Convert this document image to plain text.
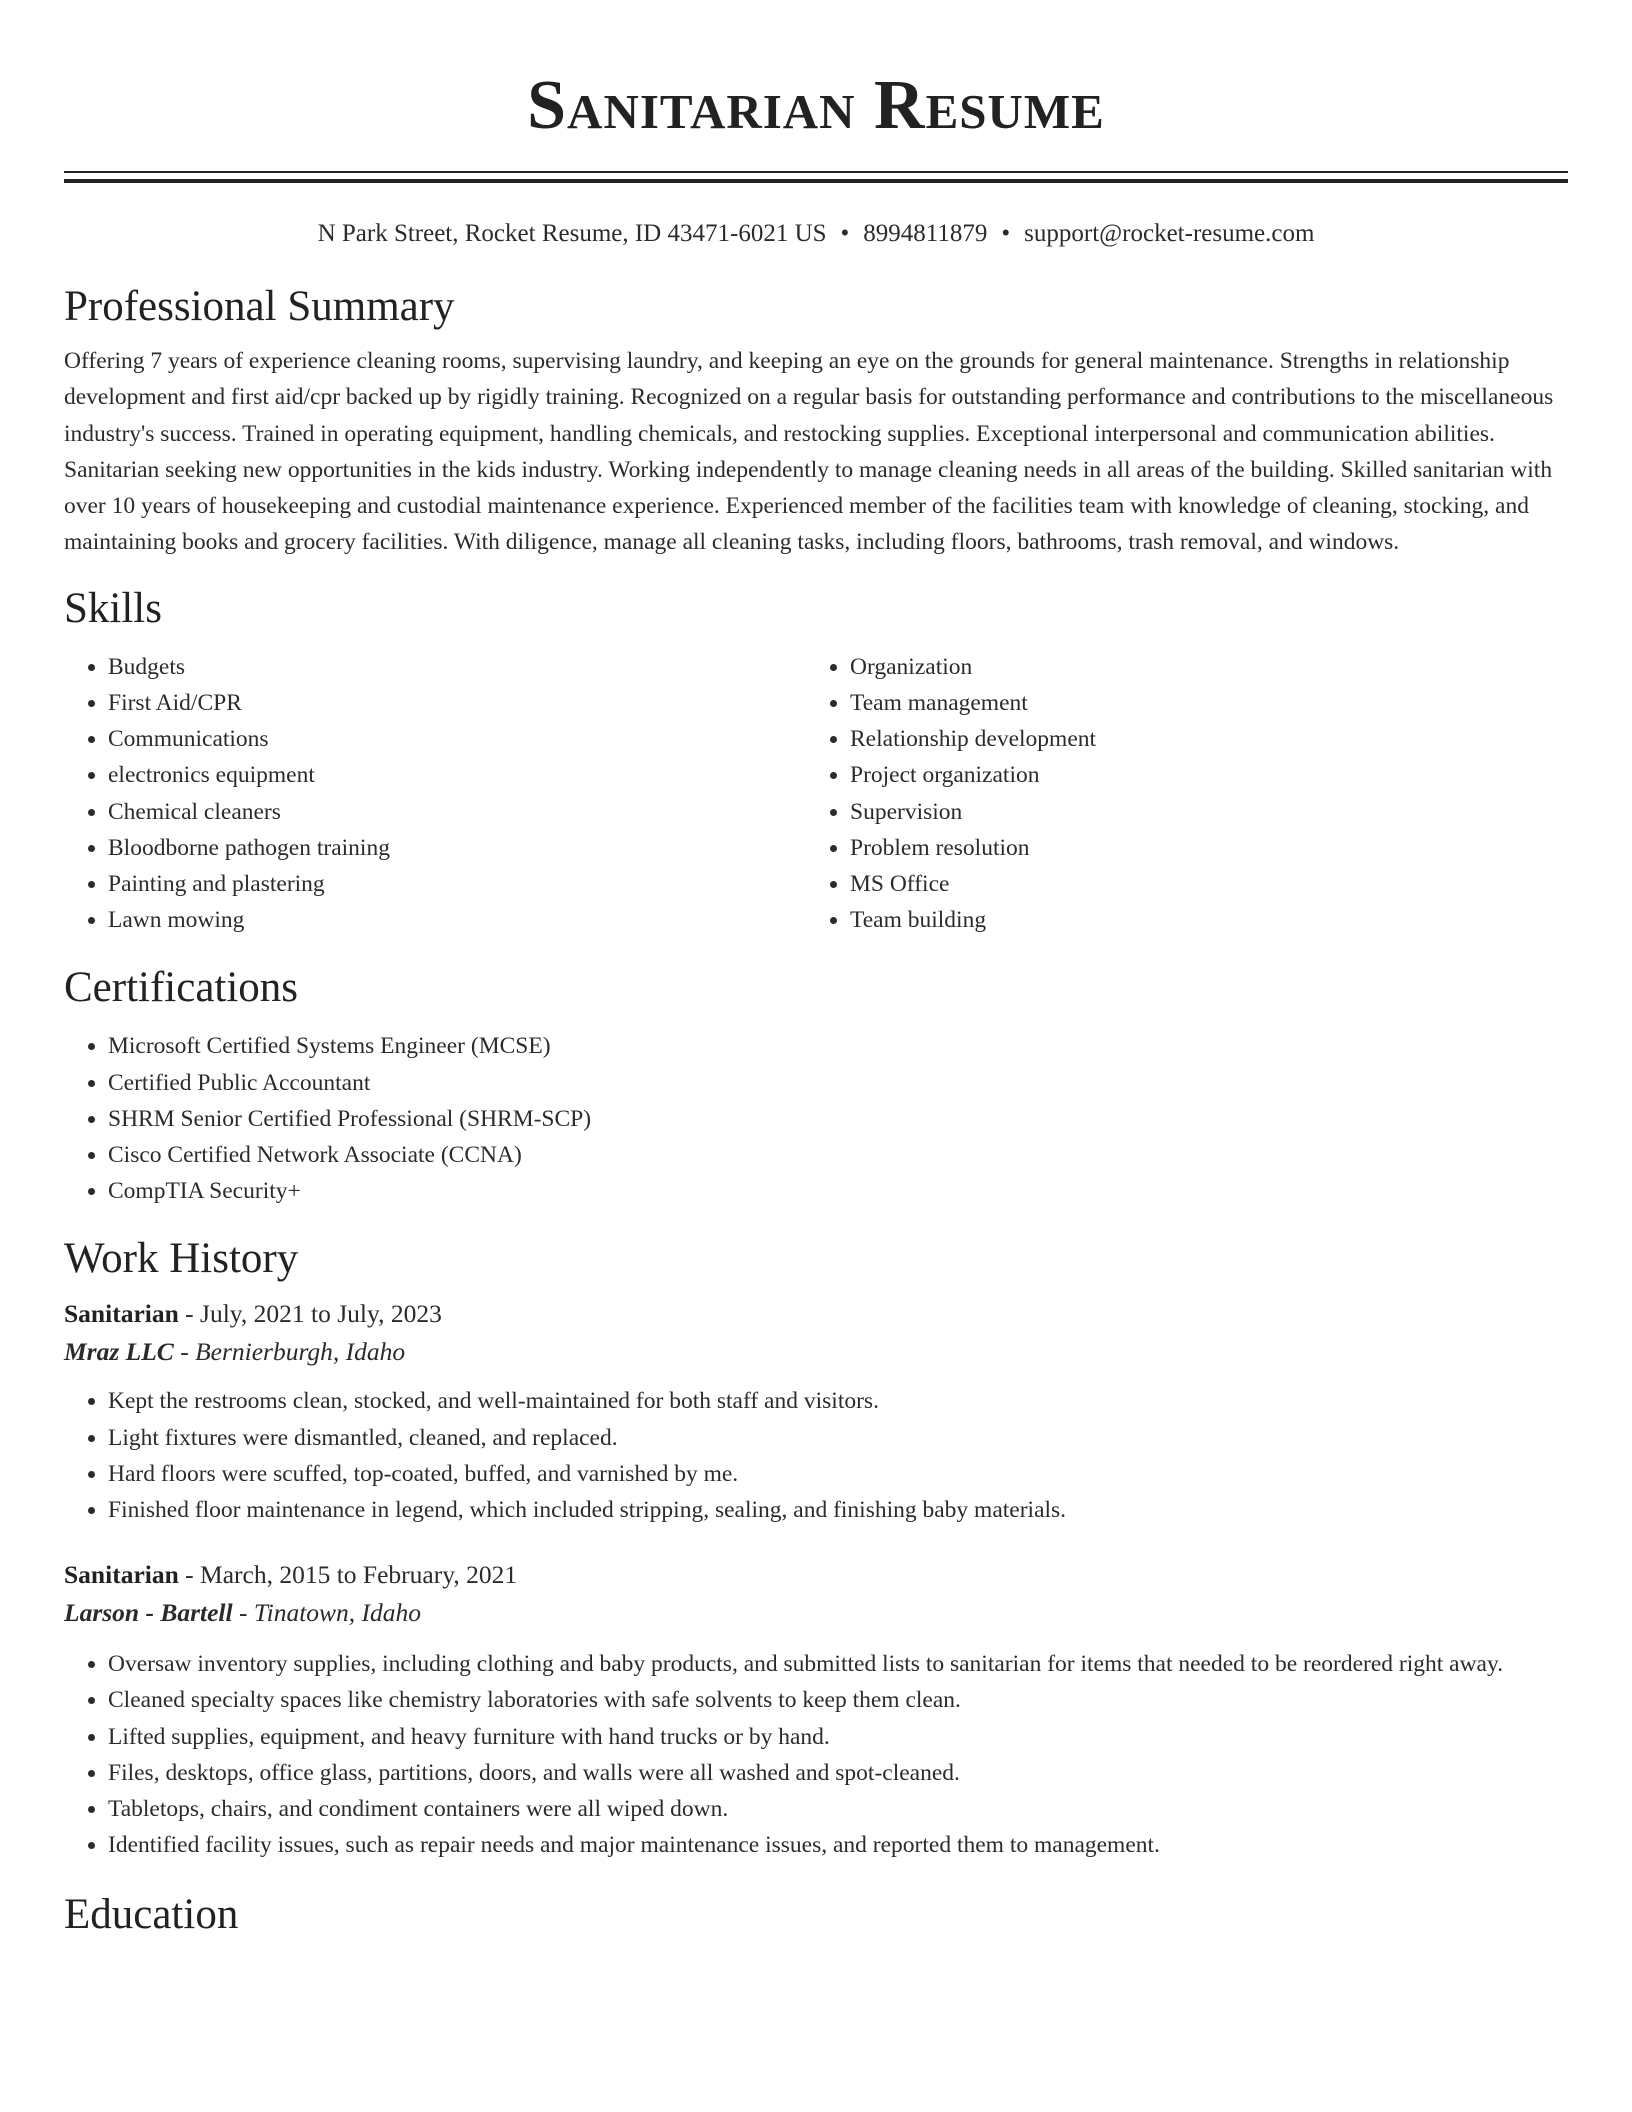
Sanitarian Resume
N Park Street, Rocket Resume, ID 43471-6021 US • 8994811879 • support@rocket-resume.com
Professional Summary

Offering 7 years of experience cleaning rooms, supervising laundry, and keeping an eye on the grounds for general maintenance. Strengths in relationship development and first aid/cpr backed up by rigidly training. Recognized on a regular basis for outstanding performance and contributions to the miscellaneous industry's success. Trained in operating equipment, handling chemicals, and restocking supplies. Exceptional interpersonal and communication abilities. Sanitarian seeking new opportunities in the kids industry. Working independently to manage cleaning needs in all areas of the building. Skilled sanitarian with over 10 years of housekeeping and custodial maintenance experience. Experienced member of the facilities team with knowledge of cleaning, stocking, and maintaining books and grocery facilities. With diligence, manage all cleaning tasks, including floors, bathrooms, trash removal, and windows.

Skills
• Budgets
• First Aid/CPR
• Communications
• electronics equipment
• Chemical cleaners
• Bloodborne pathogen training
• Painting and plastering
• Lawn mowing
• Organization
• Team management
• Relationship development
• Project organization
• Supervision
• Problem resolution
• MS Office
• Team building
Certifications
• Microsoft Certified Systems Engineer (MCSE)
• Certified Public Accountant
• SHRM Senior Certified Professional (SHRM-SCP)
• Cisco Certified Network Associate (CCNA)
• CompTIA Security+
Work History
Sanitarian - July, 2021 to July, 2023
Mraz LLC - Bernierburgh, Idaho
• Kept the restrooms clean, stocked, and well-maintained for both staff and visitors.
• Light fixtures were dismantled, cleaned, and replaced.
• Hard floors were scuffed, top-coated, buffed, and varnished by me.
• Finished floor maintenance in legend, which included stripping, sealing, and finishing baby materials.
Sanitarian - March, 2015 to February, 2021
Larson - Bartell - Tinatown, Idaho
• Oversaw inventory supplies, including clothing and baby products, and submitted lists to sanitarian for items that needed to be reordered right away.
• Cleaned specialty spaces like chemistry laboratories with safe solvents to keep them clean.
• Lifted supplies, equipment, and heavy furniture with hand trucks or by hand.
• Files, desktops, office glass, partitions, doors, and walls were all washed and spot-cleaned.
• Tabletops, chairs, and condiment containers were all wiped down.
• Identified facility issues, such as repair needs and major maintenance issues, and reported them to management.
Education
